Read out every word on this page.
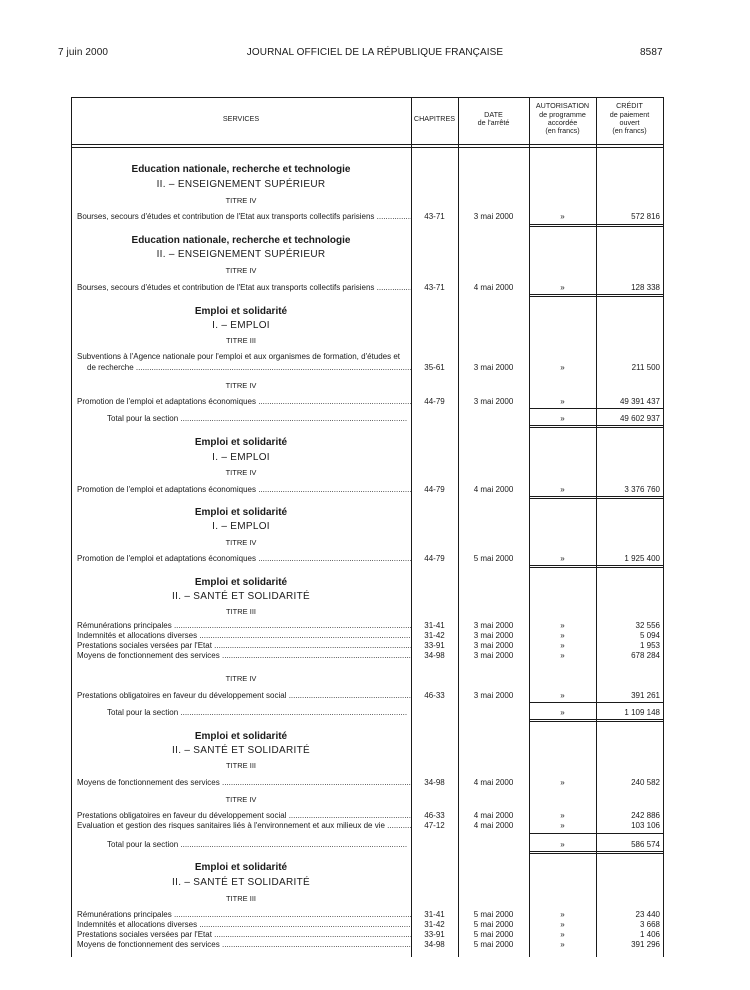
7 juin 2000	JOURNAL OFFICIEL DE LA RÉPUBLIQUE FRANÇAISE	8587
SERVICES	CHAPITRES	DATE
de l'arrêté
AUTORISATION
de programme
accordée
(en francs)
CRÉDIT
de paiement
ouvert
(en francs)
Education nationale, recherche et technologie
II. – ENSEIGNEMENT SUPÉRIEUR
TITRE IV
Bourses, secours d'études et contribution de l'Etat aux transports collectifs parisiens .....	43-71	3 mai 2000	»	572 816
Education nationale, recherche et technologie
II. – ENSEIGNEMENT SUPÉRIEUR
TITRE IV
Bourses, secours d'études et contribution de l'Etat aux transports collectifs parisiens .....	43-71	4 mai 2000	»	128 338
Emploi et solidarité
I. – EMPLOI
TITRE III
Subventions à l'Agence nationale pour l'emploi et aux organismes de formation, d'études et
de recherche .....	35-61	3 mai 2000	»	211 500
TITRE IV
Promotion de l'emploi et adaptations économiques .....	44-79	3 mai 2000	»	49 391 437
Total pour la section .....	»	49 602 937
Emploi et solidarité
I. – EMPLOI
TITRE IV
Promotion de l'emploi et adaptations économiques .....	44-79	4 mai 2000	»	3 376 760
Emploi et solidarité
I. – EMPLOI
TITRE IV
Promotion de l'emploi et adaptations économiques .....	44-79	5 mai 2000	»	1 925 400
Emploi et solidarité
II. – SANTÉ ET SOLIDARITÉ
TITRE III
Rémunérations principales .....	31-41	3 mai 2000	»	32 556
Indemnités et allocations diverses .....	31-42	3 mai 2000	»	5 094
Prestations sociales versées par l'Etat .....	33-91	3 mai 2000	»	1 953
Moyens de fonctionnement des services .....	34-98	3 mai 2000	»	678 284
TITRE IV
Prestations obligatoires en faveur du développement social .....	46-33	3 mai 2000	»	391 261
Total pour la section .....	»	1 109 148
Emploi et solidarité
II. – SANTÉ ET SOLIDARITÉ
TITRE III
Moyens de fonctionnement des services .....	34-98	4 mai 2000	»	240 582
TITRE IV
Prestations obligatoires en faveur du développement social .....	46-33	4 mai 2000	»	242 886
Evaluation et gestion des risques sanitaires liés à l'environnement et aux milieux de vie .....	47-12	4 mai 2000	»	103 106
Total pour la section .....	»	586 574
Emploi et solidarité
II. – SANTÉ ET SOLIDARITÉ
TITRE III
Rémunérations principales .....	31-41	5 mai 2000	»	23 440
Indemnités et allocations diverses .....	31-42	5 mai 2000	»	3 668
Prestations sociales versées par l'Etat .....	33-91	5 mai 2000	»	1 406
Moyens de fonctionnement des services .....	34-98	5 mai 2000	»	391 296
